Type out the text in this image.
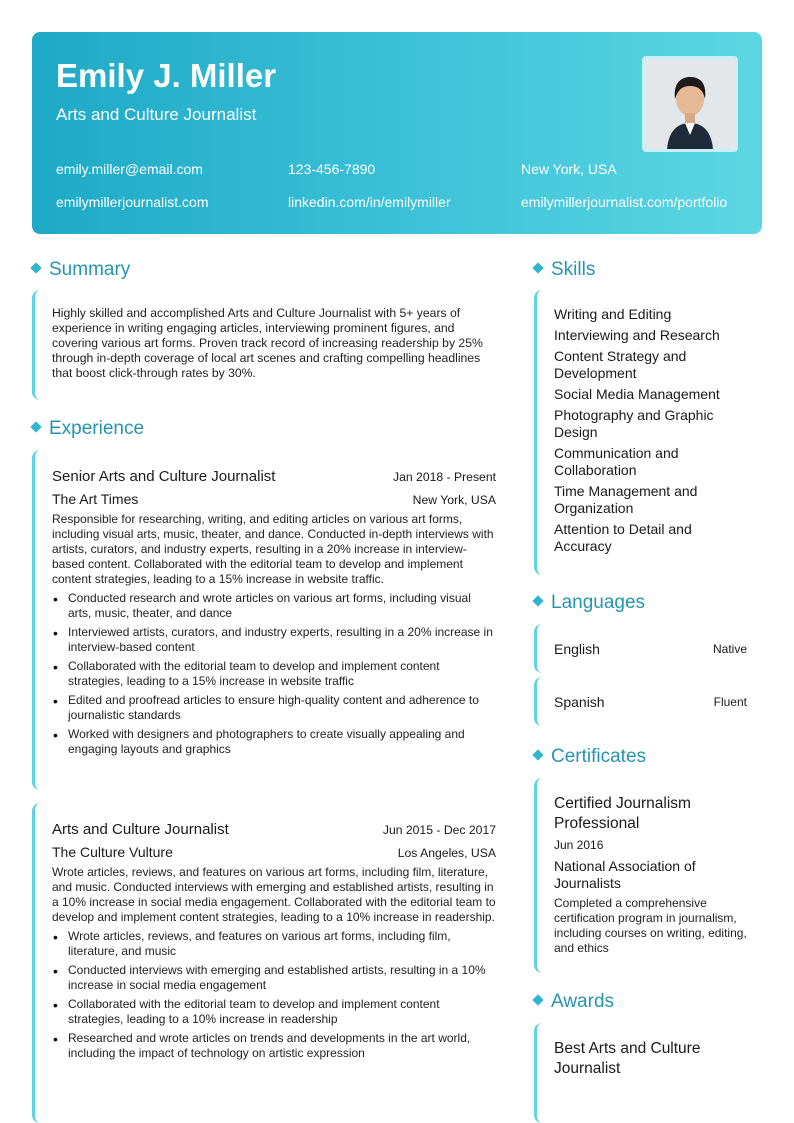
Emily J. Miller
Arts and Culture Journalist
emily.miller@email.com	123-456-7890	New York, USA
emilymillerjournalist.com	linkedin.com/in/emilymiller	emilymillerjournalist.com/portfolio
Summary
Highly skilled and accomplished Arts and Culture Journalist with 5+ years of experience in writing engaging articles, interviewing prominent figures, and covering various art forms. Proven track record of increasing readership by 25% through in-depth coverage of local art scenes and crafting compelling headlines that boost click-through rates by 30%.
Experience
Senior Arts and Culture Journalist	Jan 2018 - Present
The Art Times	New York, USA
Responsible for researching, writing, and editing articles on various art forms, including visual arts, music, theater, and dance. Conducted in-depth interviews with artists, curators, and industry experts, resulting in a 20% increase in interview-based content. Collaborated with the editorial team to develop and implement content strategies, leading to a 15% increase in website traffic.
• Conducted research and wrote articles on various art forms, including visual arts, music, theater, and dance
• Interviewed artists, curators, and industry experts, resulting in a 20% increase in interview-based content
• Collaborated with the editorial team to develop and implement content strategies, leading to a 15% increase in website traffic
• Edited and proofread articles to ensure high-quality content and adherence to journalistic standards
• Worked with designers and photographers to create visually appealing and engaging layouts and graphics
Arts and Culture Journalist	Jun 2015 - Dec 2017
The Culture Vulture	Los Angeles, USA
Wrote articles, reviews, and features on various art forms, including film, literature, and music. Conducted interviews with emerging and established artists, resulting in a 10% increase in social media engagement. Collaborated with the editorial team to develop and implement content strategies, leading to a 10% increase in readership.
• Wrote articles, reviews, and features on various art forms, including film, literature, and music
• Conducted interviews with emerging and established artists, resulting in a 10% increase in social media engagement
• Collaborated with the editorial team to develop and implement content strategies, leading to a 10% increase in readership
• Researched and wrote articles on trends and developments in the art world, including the impact of technology on artistic expression
Skills
Writing and Editing
Interviewing and Research
Content Strategy and Development
Social Media Management
Photography and Graphic Design
Communication and Collaboration
Time Management and Organization
Attention to Detail and Accuracy
Languages
English	Native
Spanish	Fluent
Certificates
Certified Journalism Professional
Jun 2016
National Association of Journalists
Completed a comprehensive certification program in journalism, including courses on writing, editing, and ethics
Awards
Best Arts and Culture Journalist
